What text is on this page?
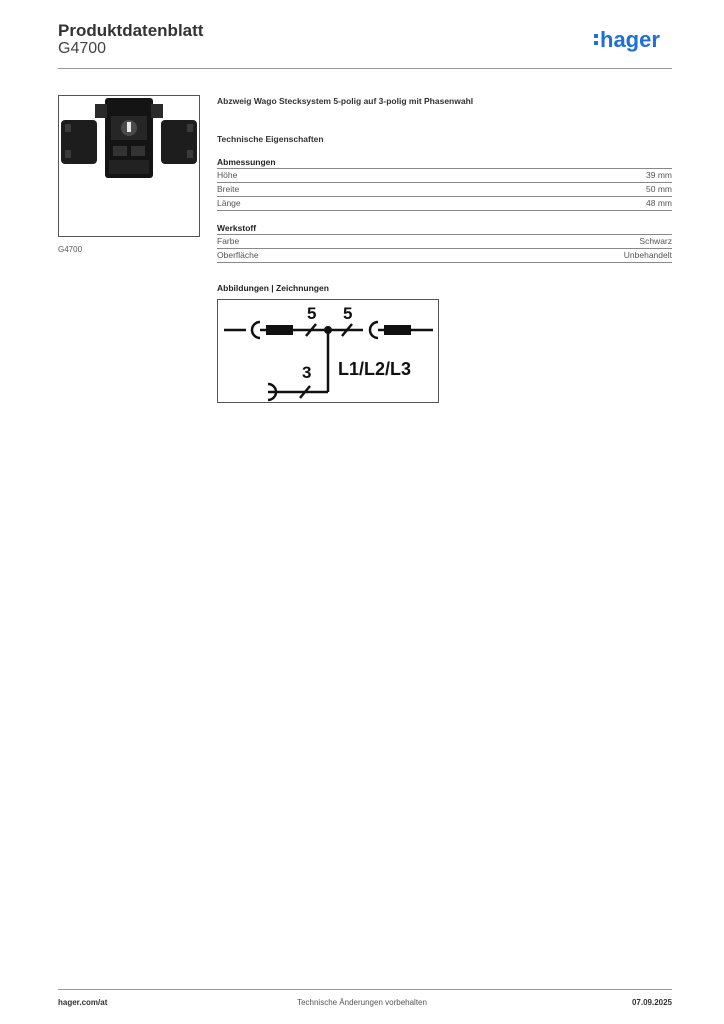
Produktdatenblatt
G4700	hager
G4700

Abzweig Wago Stecksystem 5-polig auf 3-polig mit Phasenwahl

Technische Eigenschaften

Abmessungen
Höhe	39 mm
Breite	50 mm
Länge	48 mm
Werkstoff
Farbe	Schwarz
Oberfläche	Unbehandelt
Abbildungen | Zeichnungen
5 5
3 L1/L2/L3
hager.com/at	Technische Änderungen vorbehalten	07.09.2025
